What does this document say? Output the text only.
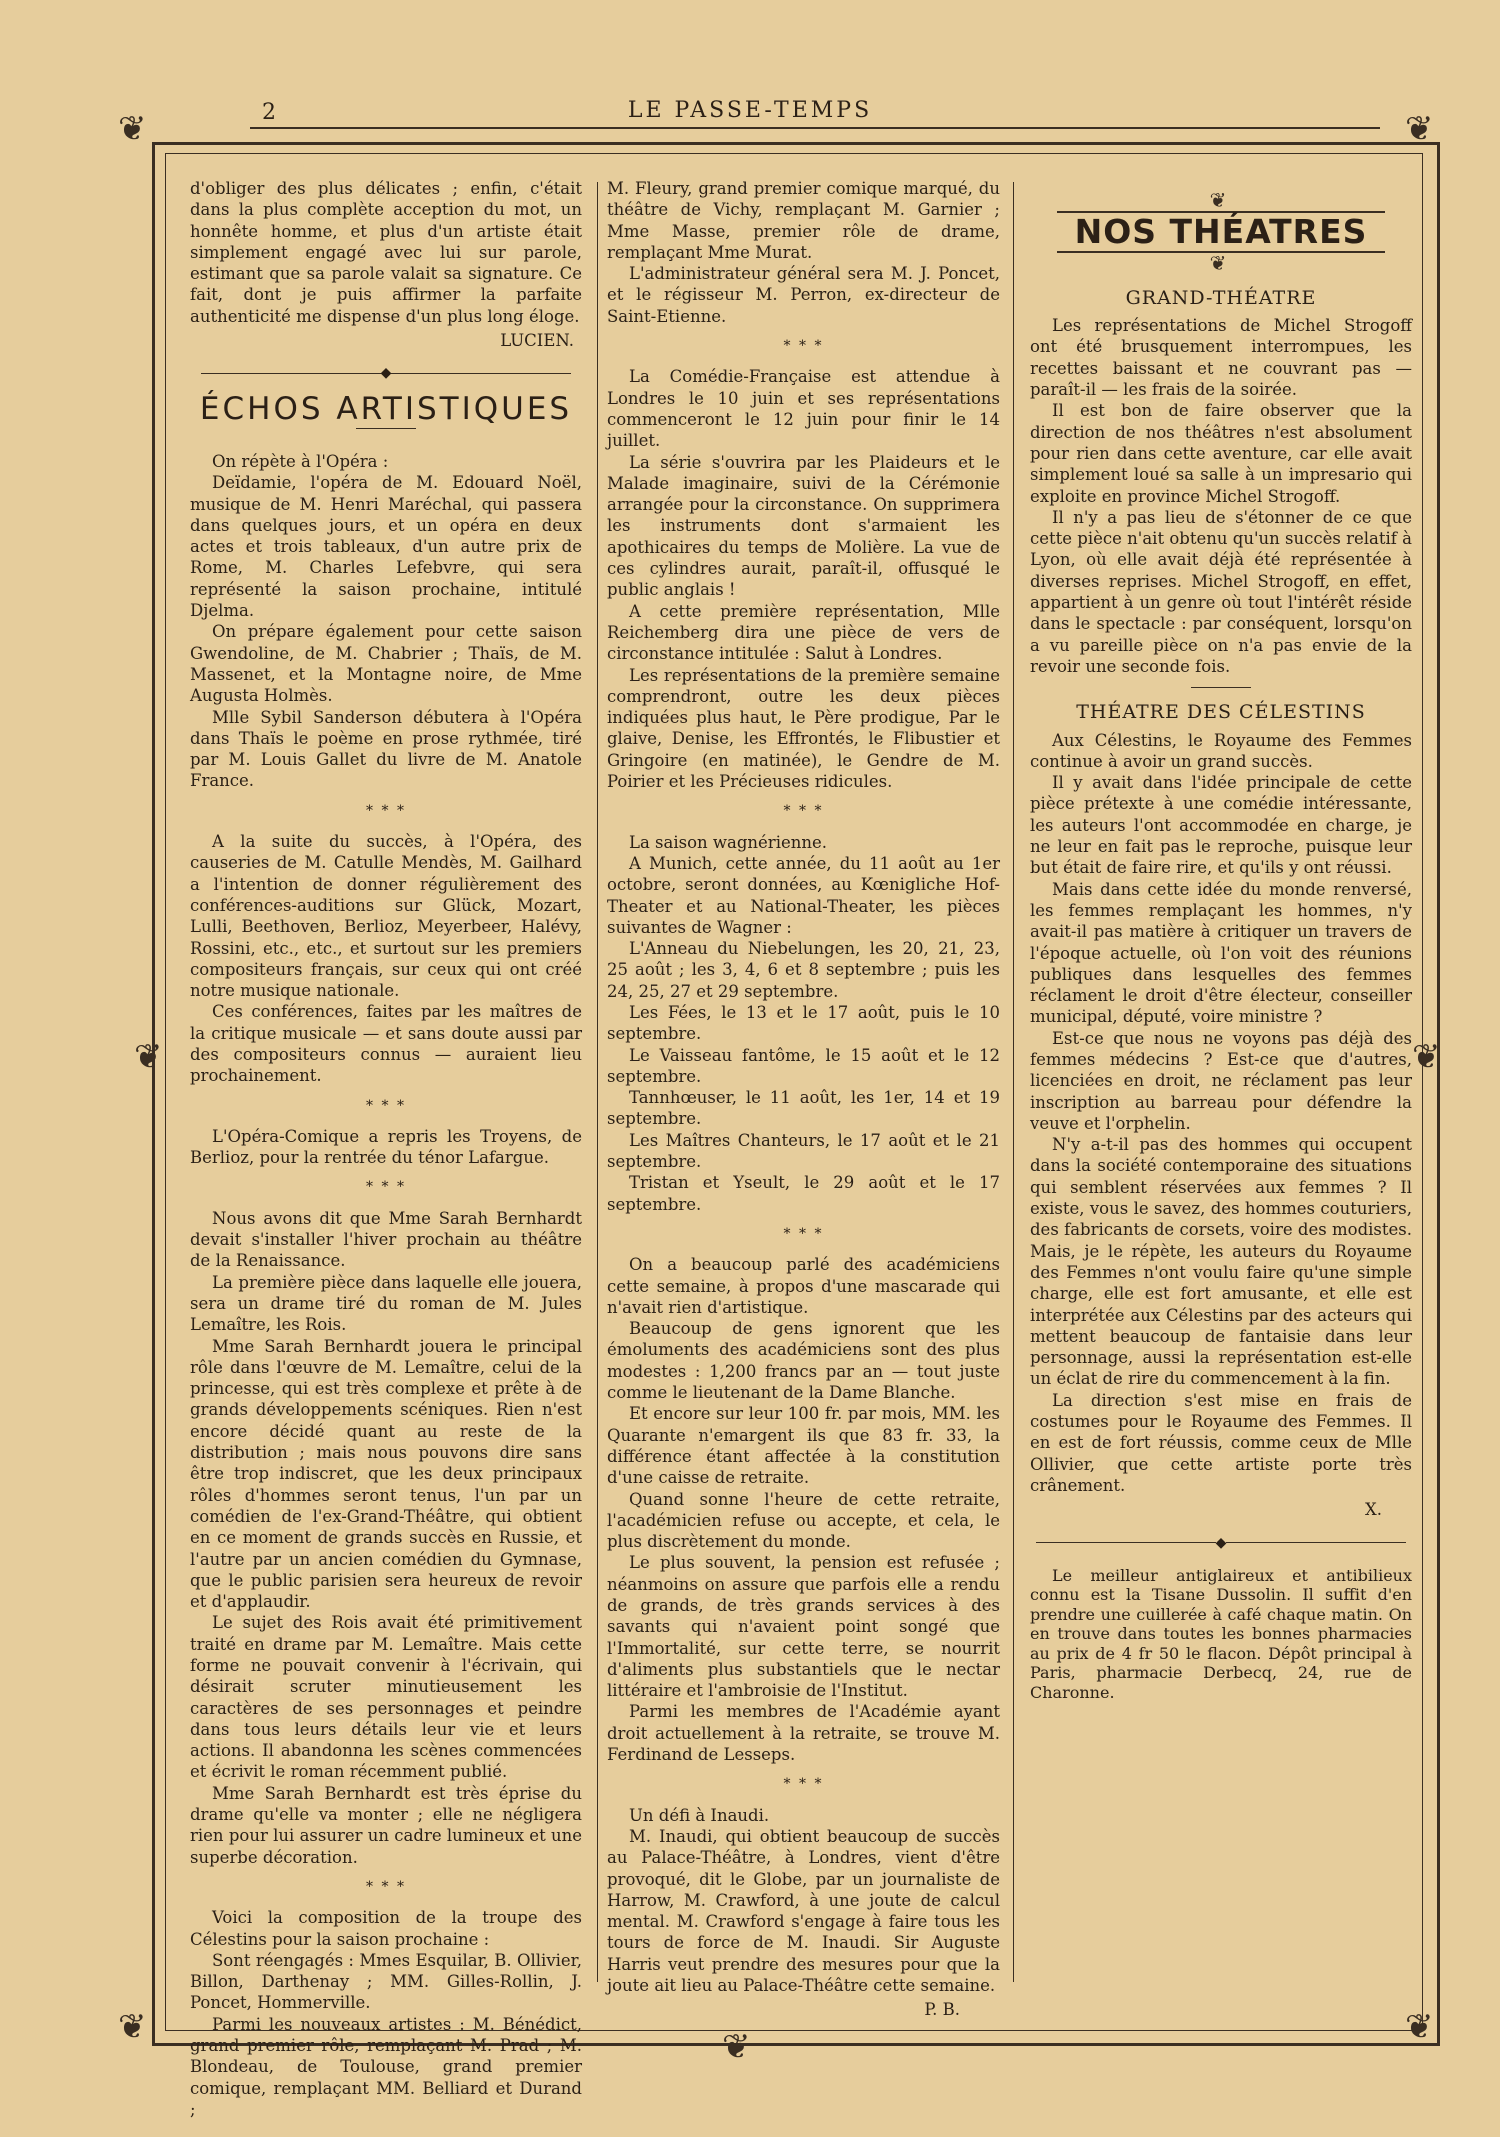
2	LE PASSE-TEMPS
❦	❦
❦	❦
❦	❦
❦

d'obliger des plus délicates ; enfin, c'était dans la plus complète acception du mot, un honnête homme, et plus d'un artiste était simplement engagé avec lui sur parole, estimant que sa parole valait sa signature. Ce fait, dont je puis affirmer la parfaite authenticité me dispense d'un plus long éloge.

LUCIEN.
◆
ÉCHOS ARTISTIQUES

On répète à l'Opéra :

Deïdamie, l'opéra de M. Edouard Noël, musique de M. Henri Maréchal, qui passera dans quelques jours, et un opéra en deux actes et trois tableaux, d'un autre prix de Rome, M. Charles Lefebvre, qui sera représenté la saison prochaine, intitulé Djelma.

On prépare également pour cette saison Gwendoline, de M. Chabrier ; Thaïs, de M. Massenet, et la Montagne noire, de Mme Augusta Holmès.

Mlle Sybil Sanderson débutera à l'Opéra dans Thaïs le poème en prose rythmée, tiré par M. Louis Gallet du livre de M. Anatole France.

* * *

A la suite du succès, à l'Opéra, des causeries de M. Catulle Mendès, M. Gailhard a l'intention de donner régulièrement des conférences-auditions sur Glück, Mozart, Lulli, Beethoven, Berlioz, Meyerbeer, Halévy, Rossini, etc., etc., et surtout sur les premiers compositeurs français, sur ceux qui ont créé notre musique nationale.

Ces conférences, faites par les maîtres de la critique musicale — et sans doute aussi par des compositeurs connus — auraient lieu prochainement.

* * *

L'Opéra-Comique a repris les Troyens, de Berlioz, pour la rentrée du ténor Lafargue.

* * *

Nous avons dit que Mme Sarah Bernhardt devait s'installer l'hiver prochain au théâtre de la Renaissance.

La première pièce dans laquelle elle jouera, sera un drame tiré du roman de M. Jules Lemaître, les Rois.

Mme Sarah Bernhardt jouera le principal rôle dans l'œuvre de M. Lemaître, celui de la princesse, qui est très complexe et prête à de grands développements scéniques. Rien n'est encore décidé quant au reste de la distribution ; mais nous pouvons dire sans être trop indiscret, que les deux principaux rôles d'hommes seront tenus, l'un par un comédien de l'ex-Grand-Théâtre, qui obtient en ce moment de grands succès en Russie, et l'autre par un ancien comédien du Gymnase, que le public parisien sera heureux de revoir et d'applaudir.

Le sujet des Rois avait été primitivement traité en drame par M. Lemaître. Mais cette forme ne pouvait convenir à l'écrivain, qui désirait scruter minutieusement les caractères de ses personnages et peindre dans tous leurs détails leur vie et leurs actions. Il abandonna les scènes commencées et écrivit le roman récemment publié.

Mme Sarah Bernhardt est très éprise du drame qu'elle va monter ; elle ne négligera rien pour lui assurer un cadre lumineux et une superbe décoration.

* * *

Voici la composition de la troupe des Célestins pour la saison prochaine :

Sont réengagés : Mmes Esquilar, B. Ollivier, Billon, Darthenay ; MM. Gilles-Rollin, J. Poncet, Hommerville.

Parmi les nouveaux artistes : M. Bénédict, grand premier rôle, remplaçant M. Prad ; M. Blondeau, de Toulouse, grand premier comique, remplaçant MM. Belliard et Durand ;

M. Fleury, grand premier comique marqué, du théâtre de Vichy, remplaçant M. Garnier ; Mme Masse, premier rôle de drame, remplaçant Mme Murat.

L'administrateur général sera M. J. Poncet, et le régisseur M. Perron, ex-directeur de Saint-Etienne.

* * *

La Comédie-Française est attendue à Londres le 10 juin et ses représentations commenceront le 12 juin pour finir le 14 juillet.

La série s'ouvrira par les Plaideurs et le Malade imaginaire, suivi de la Cérémonie arrangée pour la circonstance. On supprimera les instruments dont s'armaient les apothicaires du temps de Molière. La vue de ces cylindres aurait, paraît-il, offusqué le public anglais !

A cette première représentation, Mlle Reichemberg dira une pièce de vers de circonstance intitulée : Salut à Londres.

Les représentations de la première semaine comprendront, outre les deux pièces indiquées plus haut, le Père prodigue, Par le glaive, Denise, les Effrontés, le Flibustier et Gringoire (en matinée), le Gendre de M. Poirier et les Précieuses ridicules.

* * *

La saison wagnérienne.

A Munich, cette année, du 11 août au 1er octobre, seront données, au Kœnigliche Hof-Theater et au National-Theater, les pièces suivantes de Wagner :

L'Anneau du Niebelungen, les 20, 21, 23, 25 août ; les 3, 4, 6 et 8 septembre ; puis les 24, 25, 27 et 29 septembre.

Les Fées, le 13 et le 17 août, puis le 10 septembre.

Le Vaisseau fantôme, le 15 août et le 12 septembre.

Tannhœuser, le 11 août, les 1er, 14 et 19 septembre.

Les Maîtres Chanteurs, le 17 août et le 21 septembre.

Tristan et Yseult, le 29 août et le 17 septembre.

* * *

On a beaucoup parlé des académiciens cette semaine, à propos d'une mascarade qui n'avait rien d'artistique.

Beaucoup de gens ignorent que les émoluments des académiciens sont des plus modestes : 1,200 francs par an — tout juste comme le lieutenant de la Dame Blanche.

Et encore sur leur 100 fr. par mois, MM. les Quarante n'emargent ils que 83 fr. 33, la différence étant affectée à la constitution d'une caisse de retraite.

Quand sonne l'heure de cette retraite, l'académicien refuse ou accepte, et cela, le plus discrètement du monde.

Le plus souvent, la pension est refusée ; néanmoins on assure que parfois elle a rendu de grands, de très grands services à des savants qui n'avaient point songé que l'Immortalité, sur cette terre, se nourrit d'aliments plus substantiels que le nectar littéraire et l'ambroisie de l'Institut.

Parmi les membres de l'Académie ayant droit actuellement à la retraite, se trouve M. Ferdinand de Lesseps.

* * *

Un défi à Inaudi.

M. Inaudi, qui obtient beaucoup de succès au Palace-Théâtre, à Londres, vient d'être provoqué, dit le Globe, par un journaliste de Harrow, M. Crawford, à une joute de calcul mental. M. Crawford s'engage à faire tous les tours de force de M. Inaudi. Sir Auguste Harris veut prendre des mesures pour que la joute ait lieu au Palace-Théâtre cette semaine.

P. B.
❦
NOS THÉATRES
❦
GRAND-THÉATRE

Les représentations de Michel Strogoff ont été brusquement interrompues, les recettes baissant et ne couvrant pas — paraît-il — les frais de la soirée.

Il est bon de faire observer que la direction de nos théâtres n'est absolument pour rien dans cette aventure, car elle avait simplement loué sa salle à un impresario qui exploite en province Michel Strogoff.

Il n'y a pas lieu de s'étonner de ce que cette pièce n'ait obtenu qu'un succès relatif à Lyon, où elle avait déjà été représentée à diverses reprises. Michel Strogoff, en effet, appartient à un genre où tout l'intérêt réside dans le spectacle : par conséquent, lorsqu'on a vu pareille pièce on n'a pas envie de la revoir une seconde fois.

THÉATRE DES CÉLESTINS

Aux Célestins, le Royaume des Femmes continue à avoir un grand succès.

Il y avait dans l'idée principale de cette pièce prétexte à une comédie intéressante, les auteurs l'ont accommodée en charge, je ne leur en fait pas le reproche, puisque leur but était de faire rire, et qu'ils y ont réussi.

Mais dans cette idée du monde renversé, les femmes remplaçant les hommes, n'y avait-il pas matière à critiquer un travers de l'époque actuelle, où l'on voit des réunions publiques dans lesquelles des femmes réclament le droit d'être électeur, conseiller municipal, député, voire ministre ?

Est-ce que nous ne voyons pas déjà des femmes médecins ? Est-ce que d'autres, licenciées en droit, ne réclament pas leur inscription au barreau pour défendre la veuve et l'orphelin.

N'y a-t-il pas des hommes qui occupent dans la société contemporaine des situations qui semblent réservées aux femmes ? Il existe, vous le savez, des hommes couturiers, des fabricants de corsets, voire des modistes. Mais, je le répète, les auteurs du Royaume des Femmes n'ont voulu faire qu'une simple charge, elle est fort amusante, et elle est interprétée aux Célestins par des acteurs qui mettent beaucoup de fantaisie dans leur personnage, aussi la représentation est-elle un éclat de rire du commencement à la fin.

La direction s'est mise en frais de costumes pour le Royaume des Femmes. Il en est de fort réussis, comme ceux de Mlle Ollivier, que cette artiste porte très crânement.

X.
◆

Le meilleur antiglaireux et antibilieux connu est la Tisane Dussolin. Il suffit d'en prendre une cuillerée à café chaque matin. On en trouve dans toutes les bonnes pharmacies au prix de 4 fr 50 le flacon. Dépôt principal à Paris, pharmacie Derbecq, 24, rue de Charonne.
